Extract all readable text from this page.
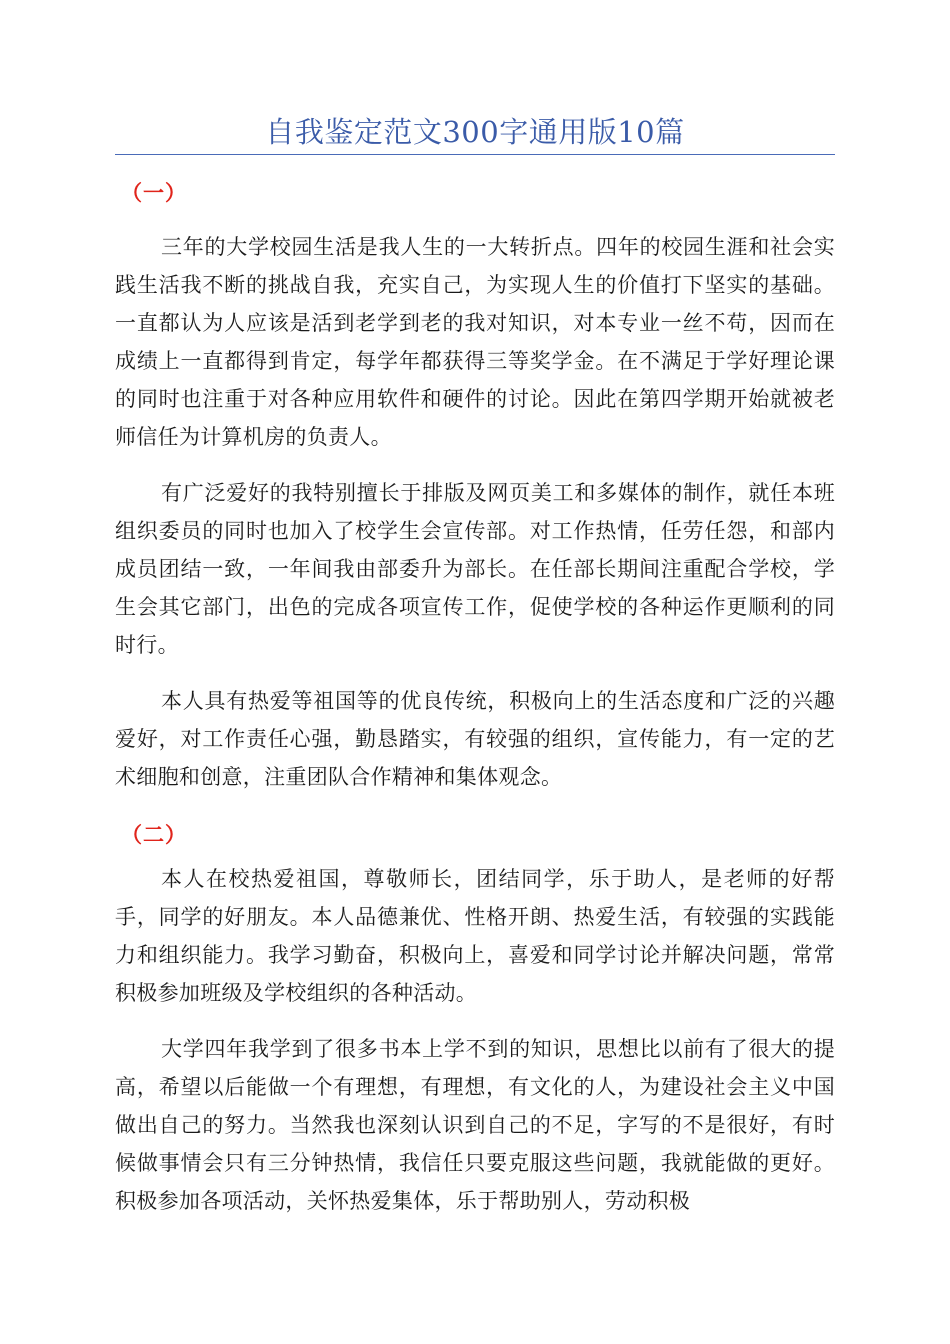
自我鉴定范文300字通用版10篇
（一）

三年的大学校园生活是我人生的一大转折点。四年的校园生涯和社会实践生活我不断的挑战自我，充实自己，为实现人生的价值打下坚实的基础。一直都认为人应该是活到老学到老的我对知识，对本专业一丝不苟，因而在成绩上一直都得到肯定，每学年都获得三等奖学金。在不满足于学好理论课的同时也注重于对各种应用软件和硬件的讨论。因此在第四学期开始就被老师信任为计算机房的负责人。

有广泛爱好的我特别擅长于排版及网页美工和多媒体的制作，就任本班组织委员的同时也加入了校学生会宣传部。对工作热情，任劳任怨，和部内成员团结一致，一年间我由部委升为部长。在任部长期间注重配合学校，学生会其它部门，出色的完成各项宣传工作，促使学校的各种运作更顺利的同时行。

本人具有热爱等祖国等的优良传统，积极向上的生活态度和广泛的兴趣爱好，对工作责任心强，勤恳踏实，有较强的组织，宣传能力，有一定的艺术细胞和创意，注重团队合作精神和集体观念。

（二）

本人在校热爱祖国，尊敬师长，团结同学，乐于助人，是老师的好帮手，同学的好朋友。本人品德兼优、性格开朗、热爱生活，有较强的实践能力和组织能力。我学习勤奋，积极向上，喜爱和同学讨论并解决问题，常常积极参加班级及学校组织的各种活动。

大学四年我学到了很多书本上学不到的知识，思想比以前有了很大的提高，希望以后能做一个有理想，有理想，有文化的人，为建设社会主义中国做出自己的努力。当然我也深刻认识到自己的不足，字写的不是很好，有时候做事情会只有三分钟热情，我信任只要克服这些问题，我就能做的更好。积极参加各项活动，关怀热爱集体，乐于帮助别人，劳动积极
